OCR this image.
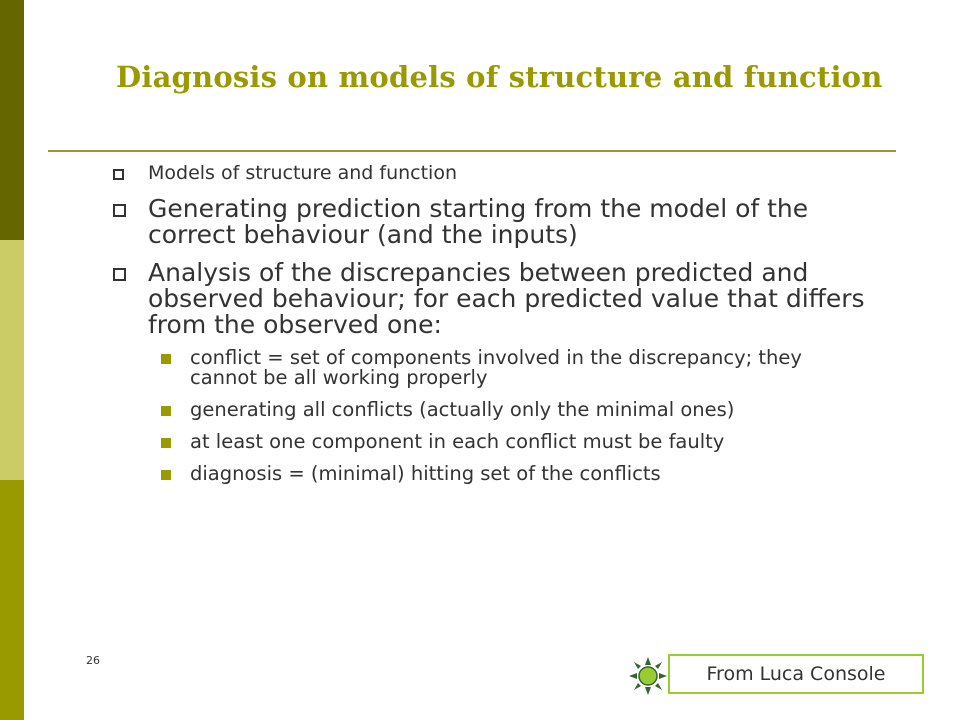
Diagnosis on models of structure and function
Models of structure and function
Generating prediction starting from the model of the correct behaviour (and the inputs)
Analysis of the discrepancies between predicted and observed behaviour; for each predicted value that differs from the observed one:
conflict = set of components involved in the discrepancy; they cannot be all working properly
generating all conflicts (actually only the minimal ones)
at least one component in each conflict must be faulty
diagnosis = (minimal) hitting set of the conflicts
26
From Luca Console
